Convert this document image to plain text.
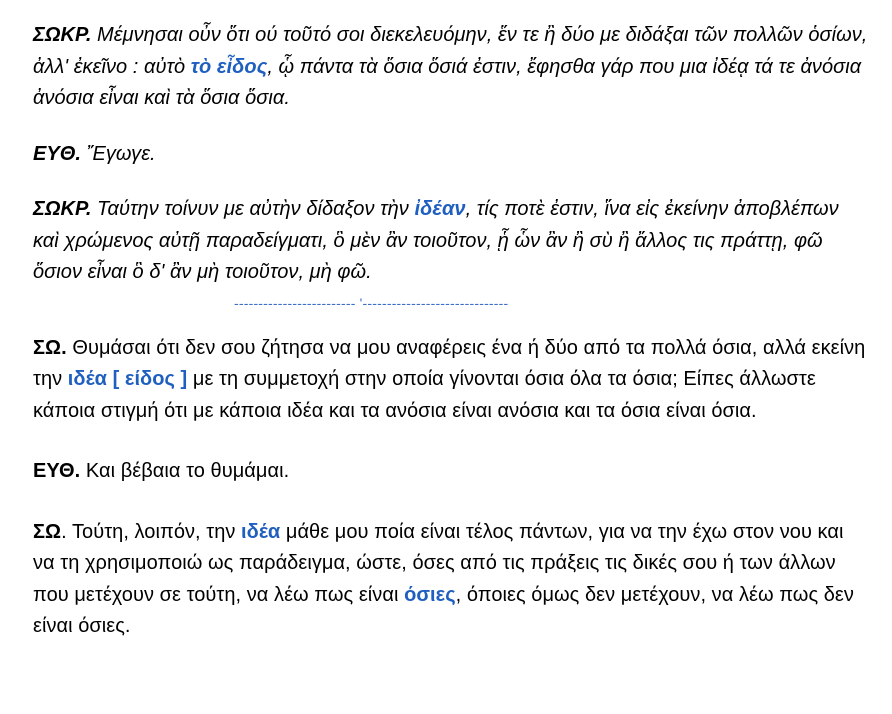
ΣΩΚΡ. Μέμνησαι οὖν ὅτι ού τοῦτό σοι διεκελευόμην, ἕν τε ἢ δύο με διδάξαι τῶν πολλῶν ὁσίων, ἀλλ' ἐκεῖνο : αὐτὸ τὸ εἶδος, ᾧ πάντα τὰ ὅσια ὅσιά ἐστιν, ἔφησθα γάρ που μια ἰδέᾳ τά τε ἀνόσια ἀνόσια εἶναι καὶ τὰ ὅσια ὅσια.

ΕΥΘ. Ἔγωγε.

ΣΩΚΡ. Ταύτην τοίνυν με αὐτὴν δίδαξον τὴν ἰδέαν, τίς ποτὲ ἐστιν, ἵνα εἰς ἐκείνην ἀποβλέπων καὶ χρώμενος αὐτῇ παραδείγματι, ὃ μὲν ἂν τοιοῦτον, ᾗ ὧν ἂν ἢ σὺ ἢ ἄλλος τις πράττῃ, φῶ ὅσιον εἶναι ὃ δ' ἂν μὴ τοιοῦτον, μὴ φῶ.

------------------------- '------------------------------

ΣΩ. Θυμάσαι ότι δεν σου ζήτησα να μου αναφέρεις ένα ή δύο από τα πολλά όσια, αλλά εκείνη την ιδέα [ είδος ] με τη συμμετοχή στην οποία γίνονται όσια όλα τα όσια; Είπες άλλωστε κάποια στιγμή ότι με κάποια ιδέα και τα ανόσια είναι ανόσια και τα όσια είναι όσια.

ΕΥΘ. Και βέβαια το θυμάμαι.

ΣΩ. Τούτη, λοιπόν, την ιδέα μάθε μου ποία είναι τέλος πάντων, για να την έχω στον νου και να τη χρησιμοποιώ ως παράδειγμα, ώστε, όσες από τις πράξεις τις δικές σου ή των άλλων που μετέχουν σε τούτη, να λέω πως είναι όσιες, όποιες όμως δεν μετέχουν, να λέω πως δεν είναι όσιες.
